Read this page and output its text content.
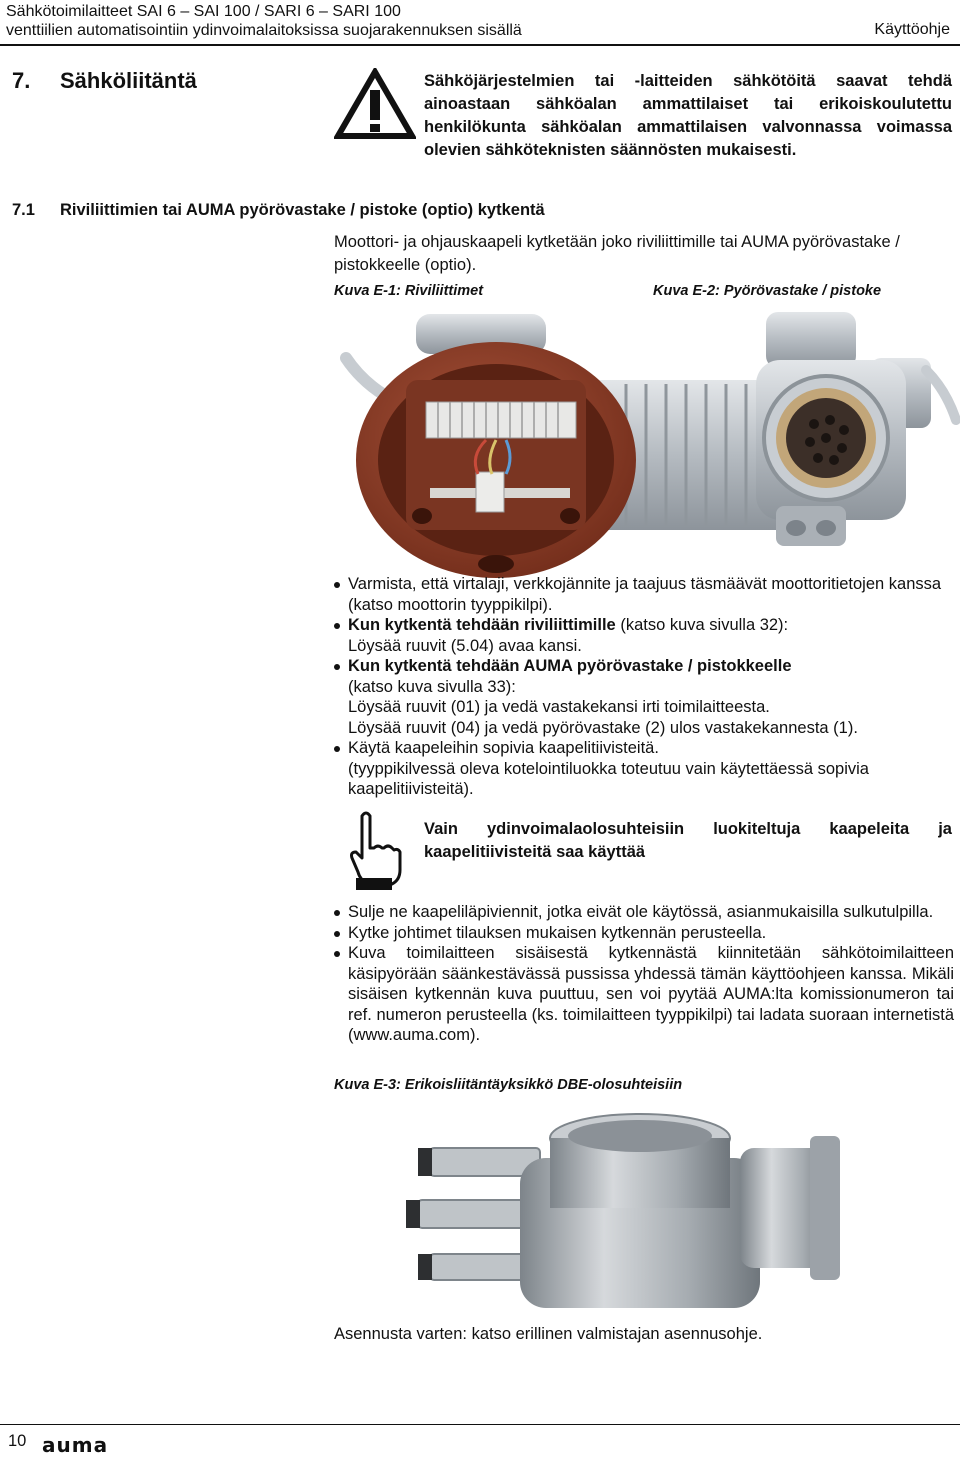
Sähkötoimilaitteet SAI 6 – SAI 100 / SARI 6 – SARI 100
venttiilien automatisointiin ydinvoimalaitoksissa suojarakennuksen sisällä	Käyttöohje
7. Sähköliitäntä	Sähköjärjestelmien tai -laitteiden sähkötöitä saavat tehdä ainoastaan sähköalan ammattilaiset tai erikoiskoulutettu henkilökunta sähköalan ammattilaisen valvonnassa voimassa olevien sähköteknisten säännösten mukaisesti.
7.1 Riviliittimien tai AUMA pyörövastake / pistoke (optio) kytkentä
Moottori- ja ohjauskaapeli kytketään joko riviliittimille tai AUMA pyörövastake / pistokkeelle (optio).
Kuva E-1: Riviliittimet	Kuva E-2: Pyörövastake / pistoke

Varmista, että virtalaji, verkkojännite ja taajuus täsmäävät moottoritietojen kanssa (katso moottorin tyyppikilpi).

Kun kytkentä tehdään riviliittimille (katso kuva sivulla 32):

Löysää ruuvit (5.04) avaa kansi.

Kun kytkentä tehdään AUMA pyörövastake / pistokkeelle

(katso kuva sivulla 33):

Löysää ruuvit (01) ja vedä vastakekansi irti toimilaitteesta.

Löysää ruuvit (04) ja vedä pyörövastake (2) ulos vastakekannesta (1).

Käytä kaapeleihin sopivia kaapelitiivisteitä.

(tyyppikilvessä oleva kotelointiluokka toteutuu vain käytettäessä sopivia kaapelitiivisteitä).

Vain ydinvoimalaolosuhteisiin luokiteltuja kaapeleita ja kaapelitiivisteitä saa käyttää

Sulje ne kaapeliläpiviennit, jotka eivät ole käytössä, asianmukaisilla sulkutulpilla.

Kytke johtimet tilauksen mukaisen kytkennän perusteella.

Kuva toimilaitteen sisäisestä kytkennästä kiinnitetään sähkötoimilaitteen käsipyörään säänkestävässä pussissa yhdessä tämän käyttöohjeen kanssa. Mikäli sisäisen kytkennän kuva puuttuu, sen voi pyytää AUMA:lta komissionumeron tai ref. numeron perusteella (ks. toimilaitteen tyyppikilpi) tai ladata suoraan internetistä (www.auma.com).

Kuva E-3: Erikoisliitäntäyksikkö DBE-olosuhteisiin
Asennusta varten: katso erillinen valmistajan asennusohje.
10 auma
